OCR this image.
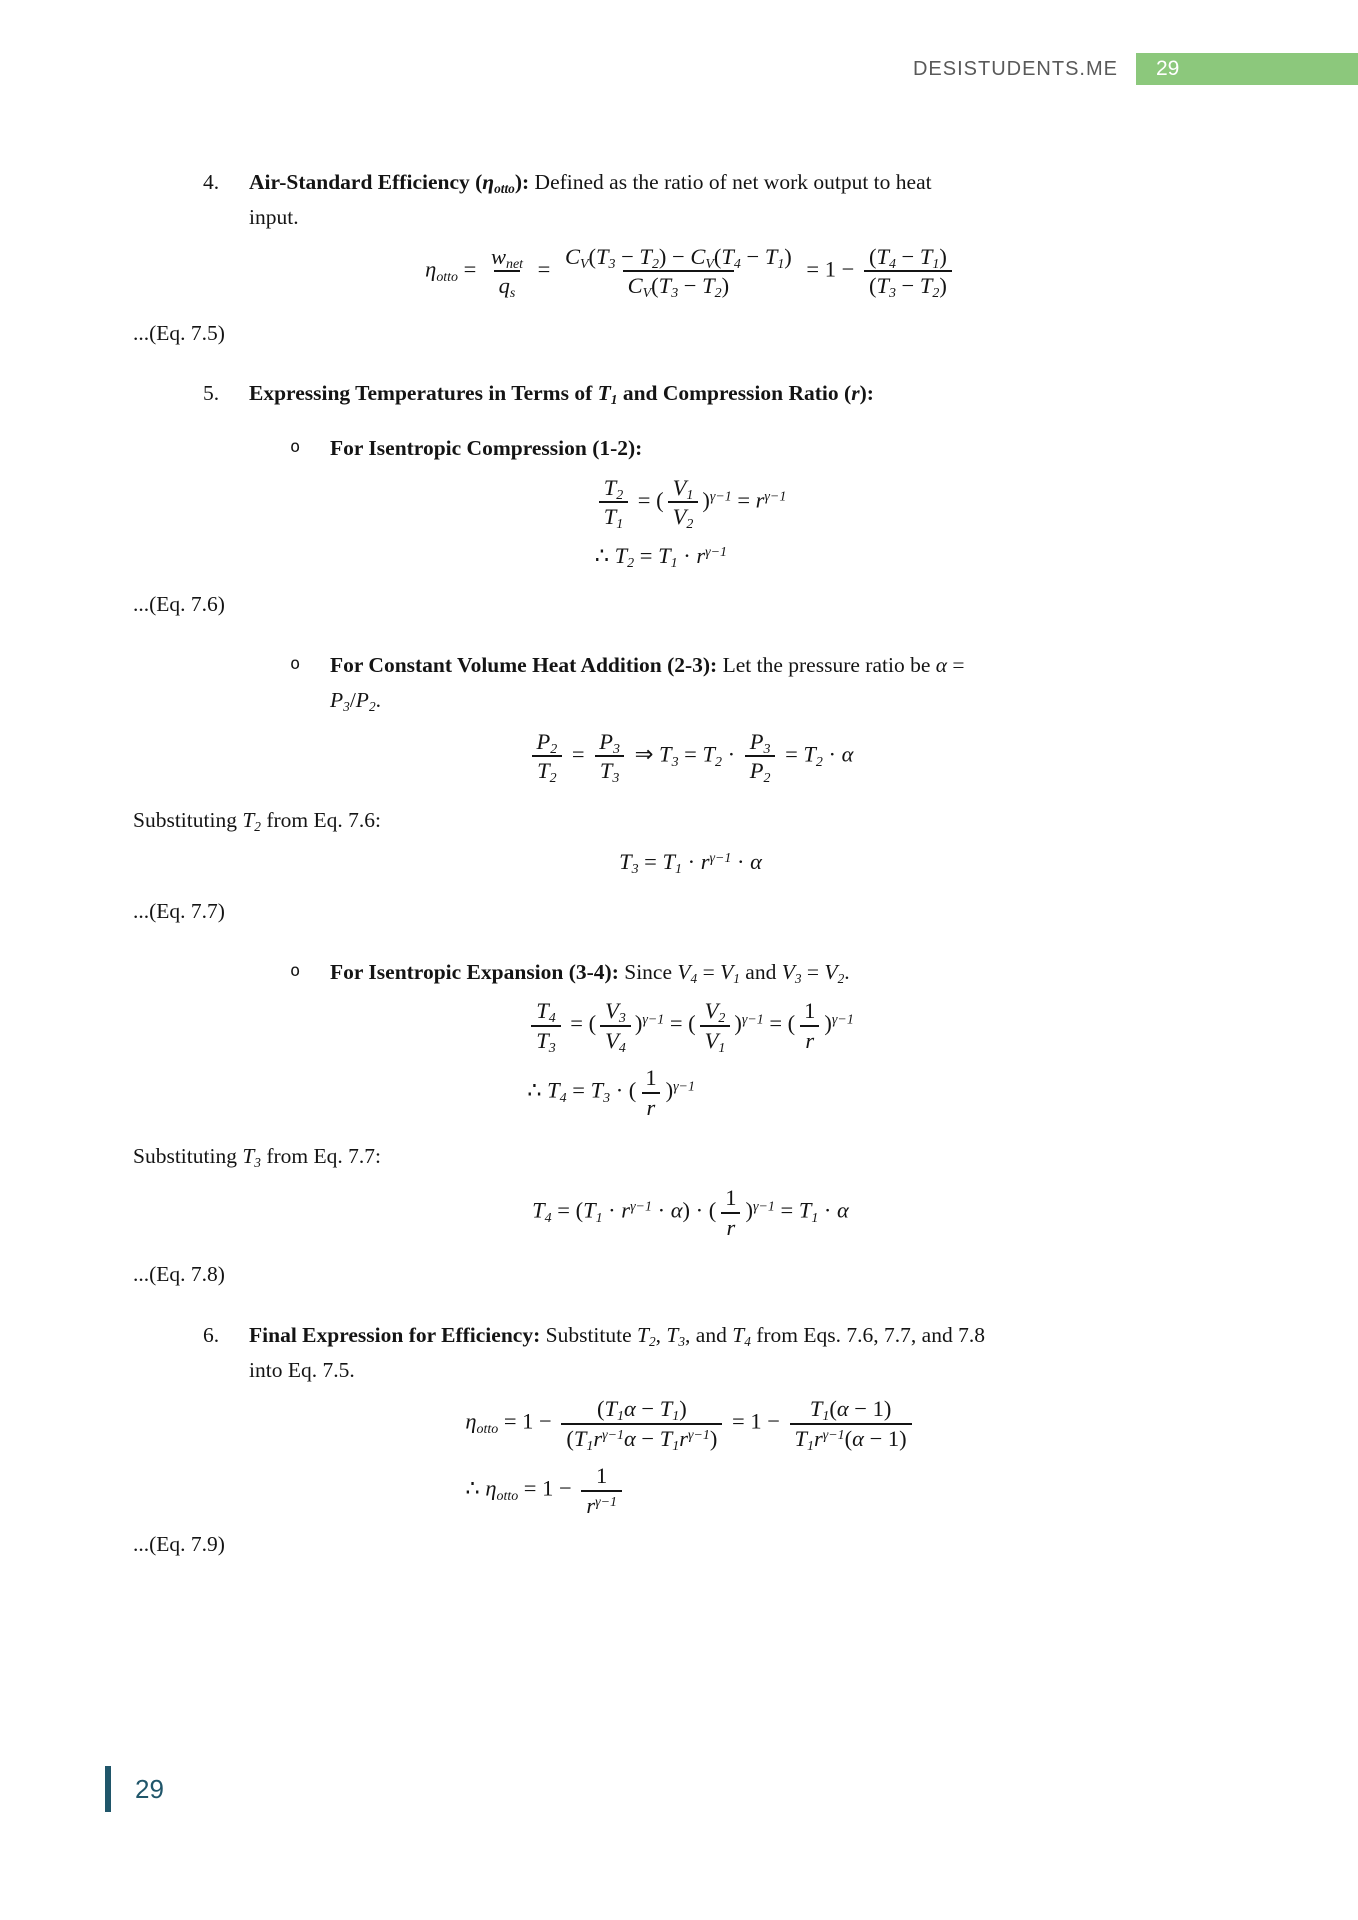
DESISTUDENTS.ME	29
4.	Air-Standard Efficiency $(\eta_{otto})$: Defined as the ratio of net work output to heat
input.
$\eta_{otto} = \frac{w_{net}}{q_s} = \frac{C_V(T_3 - T_2) - C_V(T_4 - T_1)}{C_V(T_3 - T_2)} = 1 - \frac{(T_4 - T_1)}{(T_3 - T_2)}$
...(Eq. 7.5)
5.	Expressing Temperatures in Terms of $T_1$ and Compression Ratio (r):
o	For Isentropic Compression (1-2):
$\frac{T_2}{T_1}$ = ( $\frac{V_1}{V_2} )^{\gamma-1} = r^{\gamma-1}$
∴ $T_2 = T_1 \cdot r^{\gamma-1}$
...(Eq. 7.6)
o	For Constant Volume Heat Addition (2-3): Let the pressure ratio be α =
$P_3/P_2$.
$\frac{P_2}{T_2} = \frac{P_3}{T_3}$ ⇒ $T_3 = T_2 \cdot \frac{P_3}{P_2} = T_2 \cdot \alpha$
Substituting $T_2$ from Eq. 7.6:
$T_3 = T_1 \cdot r^{\gamma-1} \cdot \alpha$
...(Eq. 7.7)
o	For Isentropic Expansion (3-4): Since $V_4 = V_1$ and $V_3 = V_2$.
$\frac{T_4}{T_3}$ = ( $\frac{V_3}{V_4} )^{\gamma-1}$ = ( $\frac{V_2}{V_1} )^{\gamma-1}$ = ( $\frac{1}{r} )^{\gamma-1}$
∴ $T_4 = T_3$ · ( $\frac{1}{r} )^{\gamma-1}$
Substituting $T_3$ from Eq. 7.7:
$T_4 = (T_1 \cdot r^{\gamma-1} \cdot \alpha)$ · ( $\frac{1}{r} )^{\gamma-1} = T_1 \cdot \alpha$
...(Eq. 7.8)
6.	Final Expression for Efficiency: Substitute $T_2$, $T_3$, and $T_4$ from Eqs. 7.6, 7.7, and 7.8
into Eq. 7.5.
$\eta_{otto} = 1 - \frac{(T_1\alpha - T_1)}{(T_1r^{\gamma-1}\alpha - T_1r^{\gamma-1})} = 1 - \frac{T_1(\alpha - 1)}{T_1r^{\gamma-1}(\alpha - 1)}$
∴ $\eta_{otto} = 1 - \frac{1}{r^{\gamma-1}}$
...(Eq. 7.9)
29
